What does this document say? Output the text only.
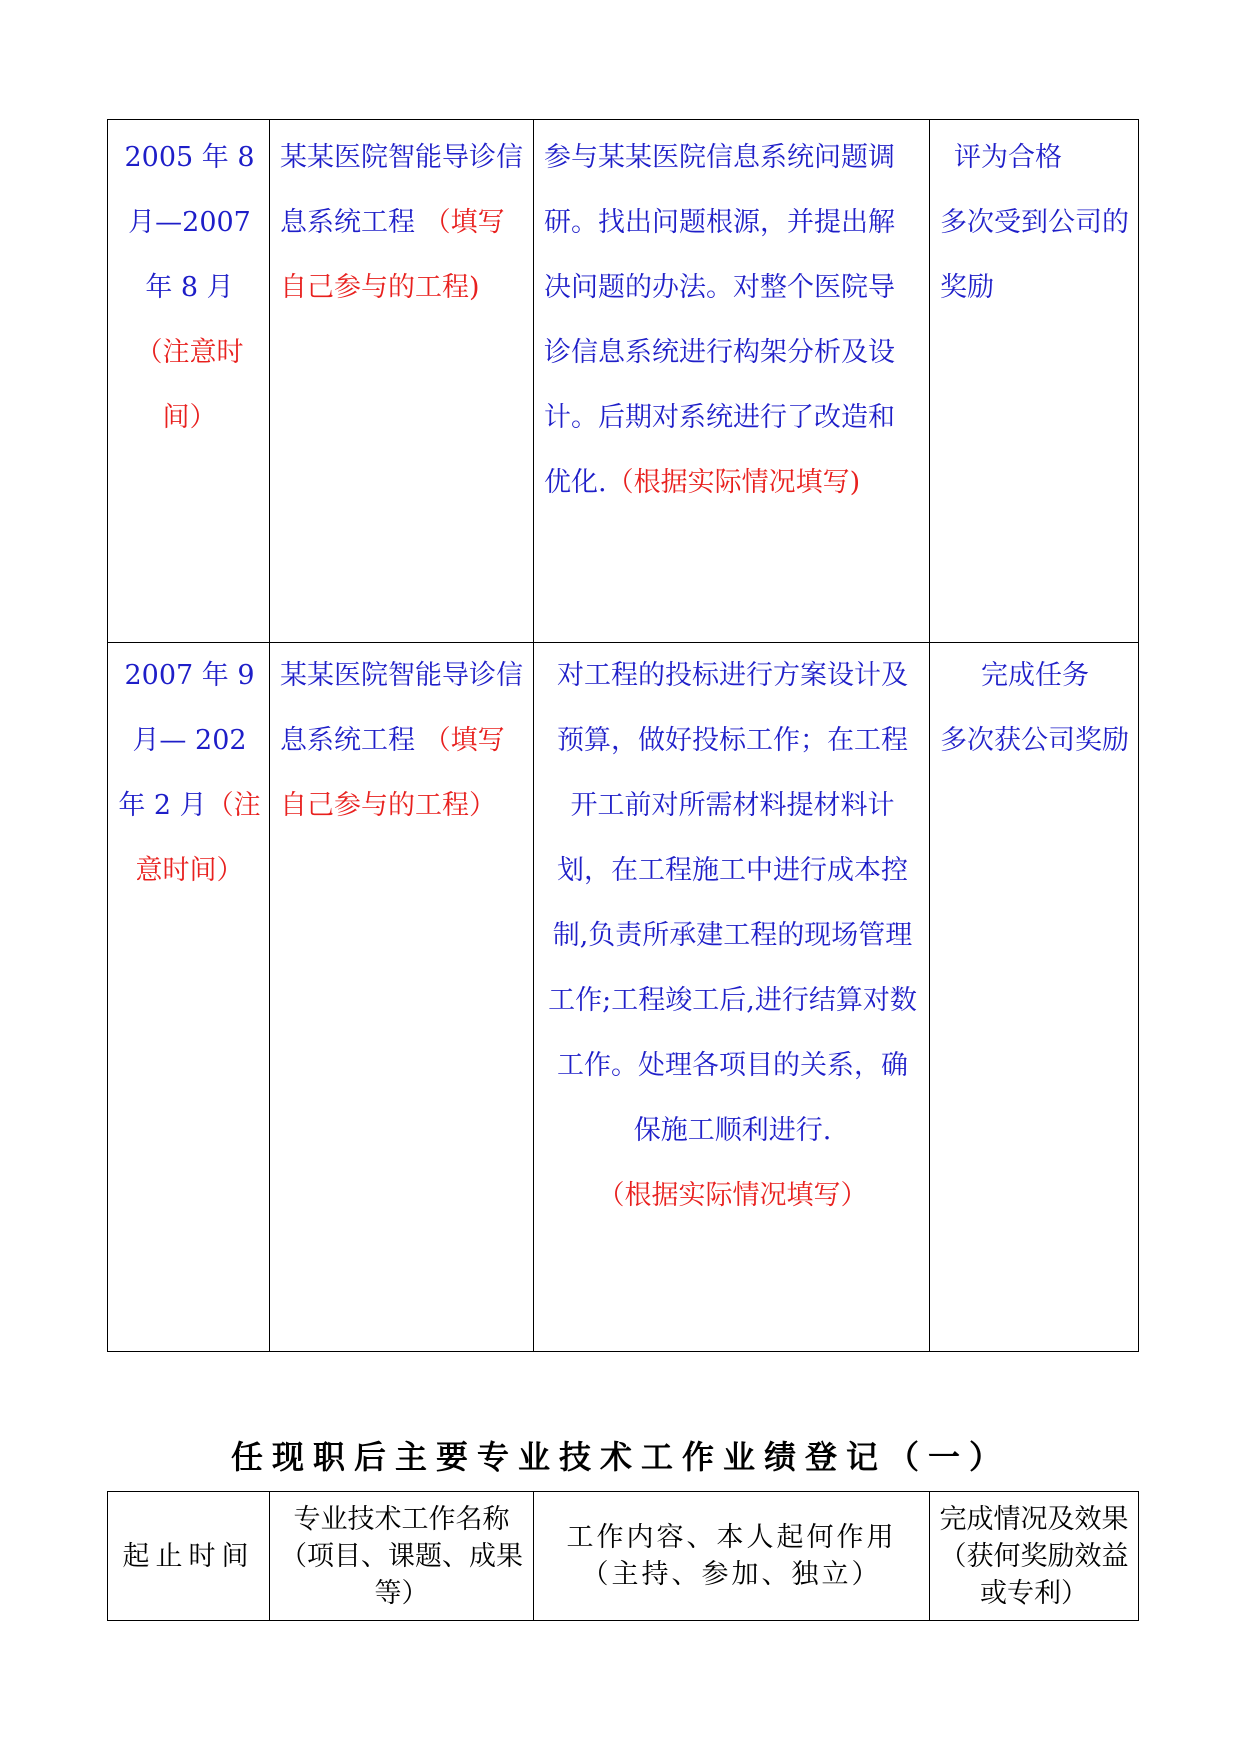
2005 年 8 月—2007 年 8 月 （注意时间）	某某医院智能导诊信息系统工程 （填写自己参与的工程)	参与某某医院信息系统问题调研。找出问题根源，并提出解决问题的办法。对整个医院导诊信息系统进行构架分析及设计。后期对系统进行了改造和优化.（根据实际情况填写)	评为合格
多次受到公司的奖励

2007 年 9 月— 202 年 2 月（注意时间）	某某医院智能导诊信息系统工程 （填写自己参与的工程）	对工程的投标进行方案设计及预算，做好投标工作；在工程开工前对所需材料提材料计划，在工程施工中进行成本控制,负责所承建工程的现场管理工作;工程竣工后,进行结算对数工作。处理各项目的关系，确保施工顺利进行.
（根据实际情况填写）	完成任务
多次获公司奖励
任现职后主要专业技术工作业绩登记（一）
起止时间	专业技术工作名称（项目、课题、成果等）	工作内容、本人起何作用（主持、参加、独立）	完成情况及效果（获何奖励效益或专利）
